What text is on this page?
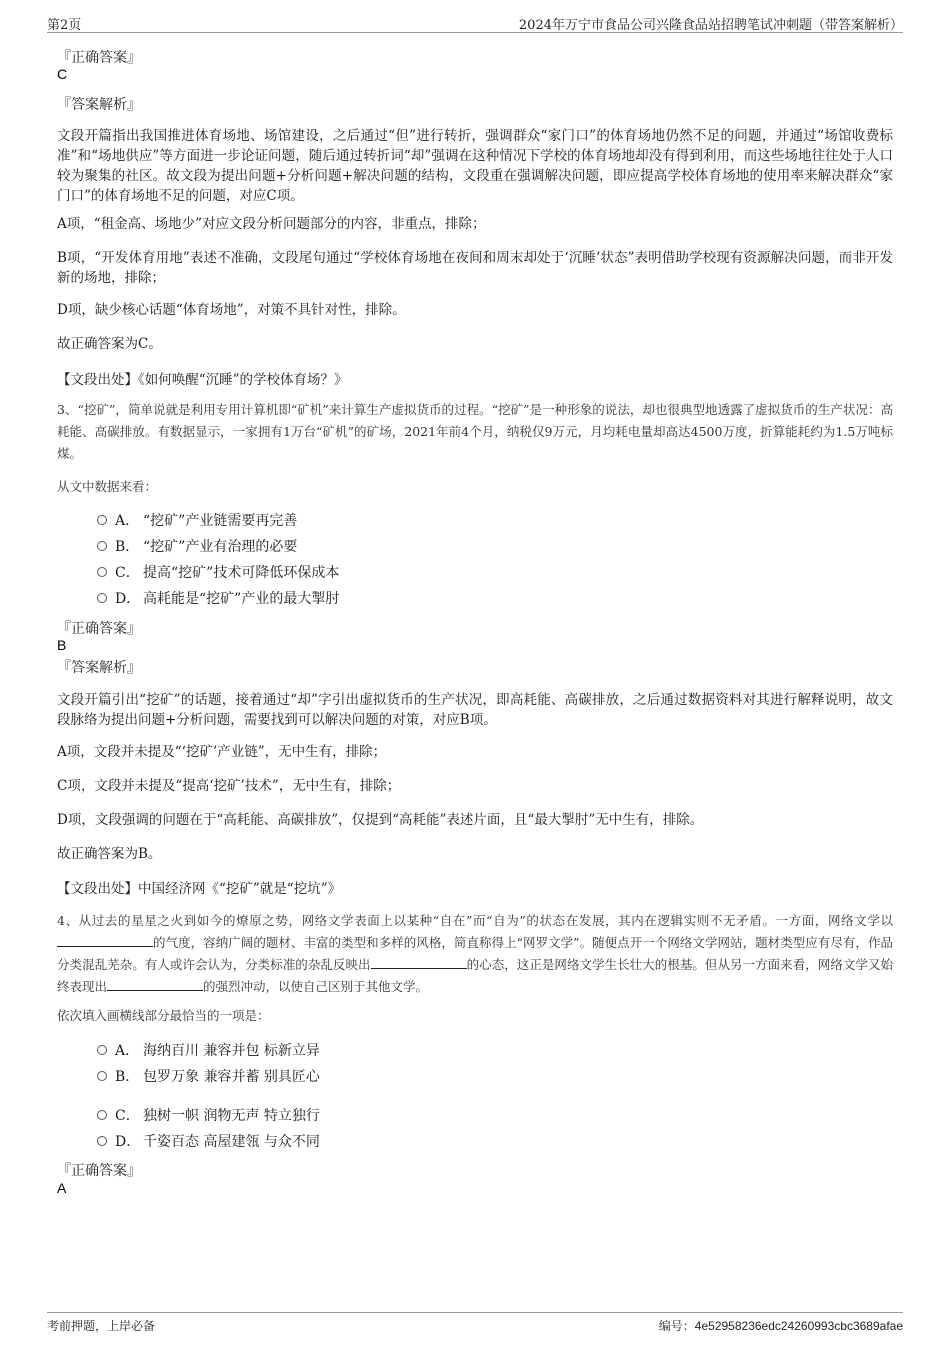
第2页	2024年万宁市食品公司兴隆食品站招聘笔试冲刺题（带答案解析）
『正确答案』
C
『答案解析』
文段开篇指出我国推进体育场地、场馆建设，之后通过“但”进行转折，强调群众“家门口”的体育场地仍然不足的问题，并通过“场馆收费标准”和“场地供应”等方面进一步论证问题，随后通过转折词“却”强调在这种情况下学校的体育场地却没有得到利用，而这些场地往往处于人口较为聚集的社区。故文段为提出问题+分析问题+解决问题的结构，文段重在强调解决问题，即应提高学校体育场地的使用率来解决群众“家门口”的体育场地不足的问题，对应C项。
A项，“租金高、场地少”对应文段分析问题部分的内容，非重点，排除；
B项，“开发体育用地”表述不准确，文段尾句通过“学校体育场地在夜间和周末却处于‘沉睡’状态”表明借助学校现有资源解决问题，而非开发新的场地，排除；
D项，缺少核心话题“体育场地”，对策不具针对性，排除。
故正确答案为C。
【文段出处】《如何唤醒“沉睡”的学校体育场？》
3、“挖矿”，简单说就是利用专用计算机即“矿机”来计算生产虚拟货币的过程。“挖矿”是一种形象的说法，却也很典型地透露了虚拟货币的生产状况：高耗能、高碳排放。有数据显示，一家拥有1万台“矿机”的矿场，2021年前4个月，纳税仅9万元，月均耗电量却高达4500万度，折算能耗约为1.5万吨标煤。
从文中数据来看：
A． “挖矿”产业链需要再完善
B． “挖矿”产业有治理的必要
C． 提高“挖矿”技术可降低环保成本
D． 高耗能是“挖矿”产业的最大掣肘
『正确答案』
B
『答案解析』
文段开篇引出“挖矿”的话题，接着通过“却”字引出虚拟货币的生产状况，即高耗能、高碳排放，之后通过数据资料对其进行解释说明，故文段脉络为提出问题+分析问题，需要找到可以解决问题的对策，对应B项。
A项，文段并未提及“‘挖矿’产业链”，无中生有，排除；
C项，文段并未提及“提高‘挖矿’技术”，无中生有，排除；
D项，文段强调的问题在于“高耗能、高碳排放”，仅提到“高耗能”表述片面，且“最大掣肘”无中生有，排除。
故正确答案为B。
【文段出处】中国经济网《“挖矿”就是“挖坑”》
4、从过去的星星之火到如今的燎原之势，网络文学表面上以某种“自在”而“自为”的状态在发展，其内在逻辑实则不无矛盾。一方面，网络文学以的气度，容纳广阔的题材、丰富的类型和多样的风格，简直称得上“网罗文学”。随便点开一个网络文学网站，题材类型应有尽有，作品分类混乱芜杂。有人或许会认为，分类标准的杂乱反映出	的心态，这正是网络文学生长壮大的根基。但从另一方面来看，网络文学又始终表现出	的强烈冲动，以使自己区别于其他文学。
依次填入画横线部分最恰当的一项是：
A． 海纳百川 兼容并包 标新立异
B． 包罗万象 兼容并蓄 别具匠心
C． 独树一帜 润物无声 特立独行
D． 千姿百态 高屋建瓴 与众不同
『正确答案』
A
考前押题，上岸必备	编号：4e52958236edc24260993cbc3689afae
